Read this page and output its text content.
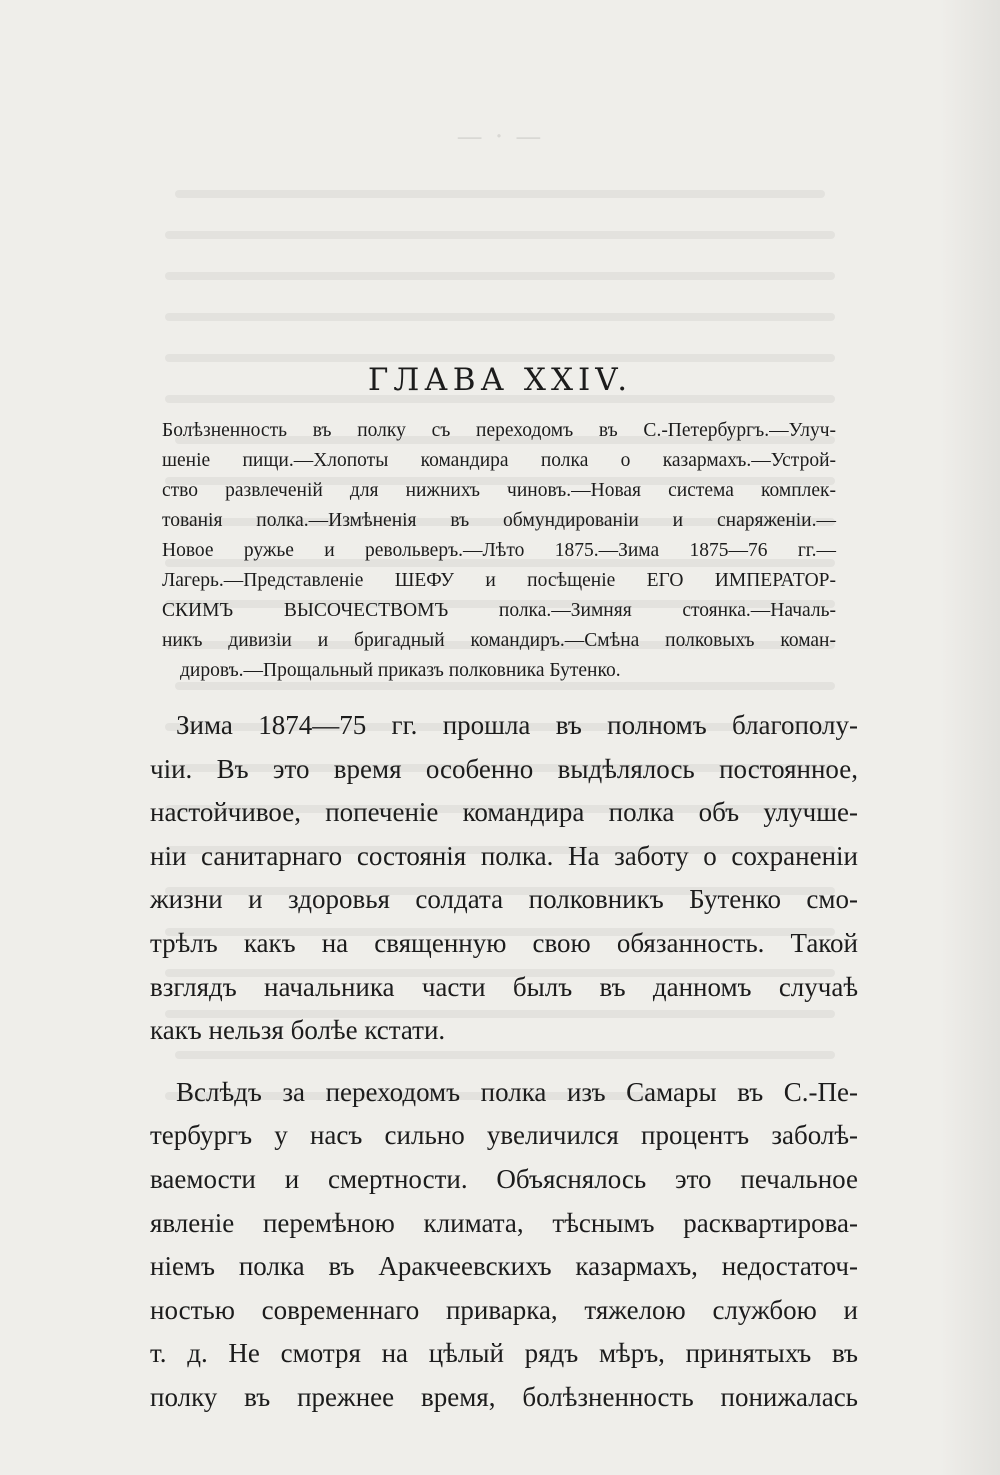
— · —
ГЛАВА XXIV.
Болѣзненность въ полку съ переходомъ въ С.-Петербургъ.—Улуч-
шеніе пищи.—Хлопоты командира полка о казармахъ.—Устрой-
ство развлеченій для нижнихъ чиновъ.—Новая система комплек-
тованія полка.—Измѣненія въ обмундированіи и снаряженіи.—
Новое ружье и револьверъ.—Лѣто 1875.—Зима 1875—76 гг.—
Лагерь.—Представленіе ШЕФУ и посѣщеніе ЕГО ИМПЕРАТОР-
СКИМЪ ВЫСОЧЕСТВОМЪ полка.—Зимняя стоянка.—Началь-
никъ дивизіи и бригадный командиръ.—Смѣна полковыхъ коман-
дировъ.—Прощальный приказъ полковника Бутенко.
Зима 1874—75 гг. прошла въ полномъ благополу-
чіи. Въ это время особенно выдѣлялось постоянное,
настойчивое, попеченіе командира полка объ улучше-
ніи санитарнаго состоянія полка. На заботу о сохраненіи
жизни и здоровья солдата полковникъ Бутенко смо-
трѣлъ какъ на священную свою обязанность. Такой
взглядъ начальника части былъ въ данномъ случаѣ
какъ нельзя болѣе кстати.
Вслѣдъ за переходомъ полка изъ Самары въ С.-Пе-
тербургъ у насъ сильно увеличился процентъ заболѣ-
ваемости и смертности. Объяснялось это печальное
явленіе перемѣною климата, тѣснымъ расквартирова-
ніемъ полка въ Аракчеевскихъ казармахъ, недостаточ-
ностью современнаго приварка, тяжелою службою и
т. д. Не смотря на цѣлый рядъ мѣръ, принятыхъ въ
полку въ прежнее время, болѣзненность понижалась
